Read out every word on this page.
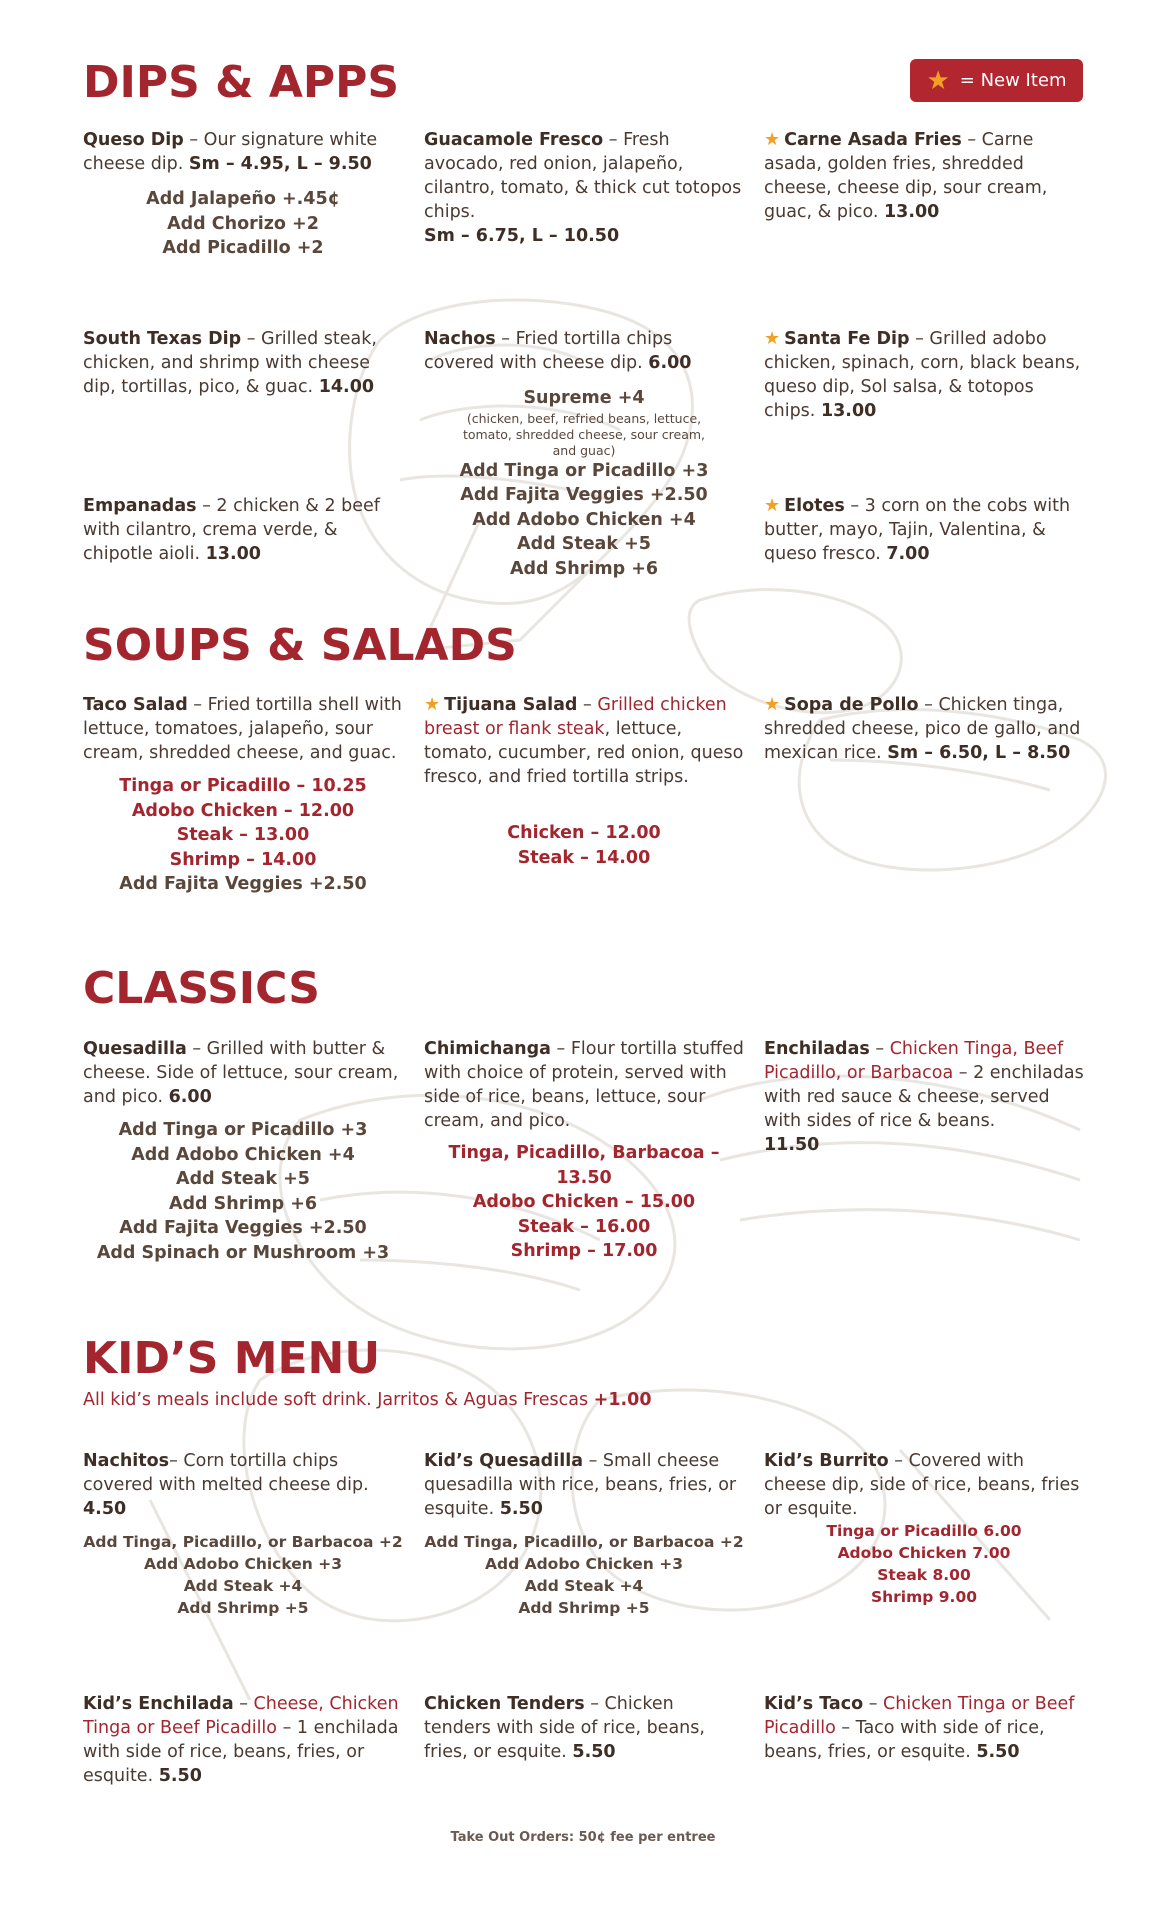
DIPS & APPS	★ = New Item
Queso Dip – Our signature white cheese dip. Sm – 4.95, L – 9.50
Add Jalapeño +.45¢
Add Chorizo +2
Add Picadillo +2
Guacamole Fresco – Fresh avocado, red onion, jalapeño, cilantro, tomato, & thick cut totopos chips.
Sm – 6.75, L – 10.50
★ Carne Asada Fries – Carne asada, golden fries, shredded cheese, cheese dip, sour cream, guac, & pico. 13.00
South Texas Dip – Grilled steak, chicken, and shrimp with cheese dip, tortillas, pico, & guac. 14.00
Nachos – Fried tortilla chips covered with cheese dip. 6.00
Supreme +4
(chicken, beef, refried beans, lettuce, tomato, shredded cheese, sour cream, and guac)
Add Tinga or Picadillo +3
Add Fajita Veggies +2.50
Add Adobo Chicken +4
Add Steak +5
Add Shrimp +6
★ Santa Fe Dip – Grilled adobo chicken, spinach, corn, black beans, queso dip, Sol salsa, & totopos chips. 13.00
Empanadas – 2 chicken & 2 beef with cilantro, crema verde, & chipotle aioli. 13.00
★ Elotes – 3 corn on the cobs with butter, mayo, Tajin, Valentina, & queso fresco. 7.00
SOUPS & SALADS
Taco Salad – Fried tortilla shell with lettuce, tomatoes, jalapeño, sour cream, shredded cheese, and guac.
Tinga or Picadillo – 10.25
Adobo Chicken – 12.00
Steak – 13.00
Shrimp – 14.00
Add Fajita Veggies +2.50
★ Tijuana Salad – Grilled chicken breast or flank steak, lettuce, tomato, cucumber, red onion, queso fresco, and fried tortilla strips.
Chicken – 12.00
Steak – 14.00
★ Sopa de Pollo – Chicken tinga, shredded cheese, pico de gallo, and mexican rice. Sm – 6.50, L – 8.50
CLASSICS
Quesadilla – Grilled with butter & cheese. Side of lettuce, sour cream, and pico. 6.00
Add Tinga or Picadillo +3
Add Adobo Chicken +4
Add Steak +5
Add Shrimp +6
Add Fajita Veggies +2.50
Add Spinach or Mushroom +3
Chimichanga – Flour tortilla stuffed with choice of protein, served with side of rice, beans, lettuce, sour cream, and pico.
Tinga, Picadillo, Barbacoa – 13.50
Adobo Chicken – 15.00
Steak – 16.00
Shrimp – 17.00
Enchiladas – Chicken Tinga, Beef Picadillo, or Barbacoa – 2 enchiladas with red sauce & cheese, served with sides of rice & beans.
11.50
KID’S MENU
All kid’s meals include soft drink. Jarritos & Aguas Frescas +1.00
Nachitos– Corn tortilla chips covered with melted cheese dip.
4.50
Add Tinga, Picadillo, or Barbacoa +2
Add Adobo Chicken +3
Add Steak +4
Add Shrimp +5
Kid’s Quesadilla – Small cheese quesadilla with rice, beans, fries, or esquite. 5.50
Add Tinga, Picadillo, or Barbacoa +2
Add Adobo Chicken +3
Add Steak +4
Add Shrimp +5
Kid’s Burrito – Covered with cheese dip, side of rice, beans, fries or esquite.
Tinga or Picadillo 6.00
Adobo Chicken 7.00
Steak 8.00
Shrimp 9.00
Kid’s Enchilada – Cheese, Chicken Tinga or Beef Picadillo – 1 enchilada with side of rice, beans, fries, or esquite. 5.50
Chicken Tenders – Chicken tenders with side of rice, beans, fries, or esquite. 5.50
Kid’s Taco – Chicken Tinga or Beef Picadillo – Taco with side of rice, beans, fries, or esquite. 5.50
Take Out Orders: 50¢ fee per entree
